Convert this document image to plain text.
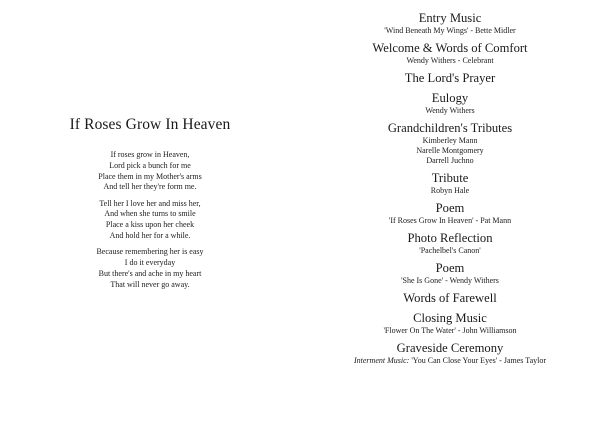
If Roses Grow In Heaven
If roses grow in Heaven,
Lord pick a bunch for me
Place them in my Mother's arms
And tell her they're form me.
Tell her I love her and miss her,
And when she turns to smile
Place a kiss upon her cheek
And hold her for a while.
Because remembering her is easy
I do it everyday
But there's and ache in my heart
That will never go away.
Entry Music
'Wind Beneath My Wings' - Bette Midler
Welcome & Words of Comfort
Wendy Withers - Celebrant
The Lord's Prayer
Eulogy
Wendy Withers
Grandchildren's Tributes
Kimberley Mann
Narelle Montgomery
Darrell Juchno
Tribute
Robyn Hale
Poem
'If Roses Grow In Heaven' - Pat Mann
Photo Reflection
'Pachelbel's Canon'
Poem
'She Is Gone' - Wendy Withers
Words of Farewell
Closing Music
'Flower On The Water' - John Williamson
Graveside Ceremony
Interment Music: 'You Can Close Your Eyes' - James Taylor
